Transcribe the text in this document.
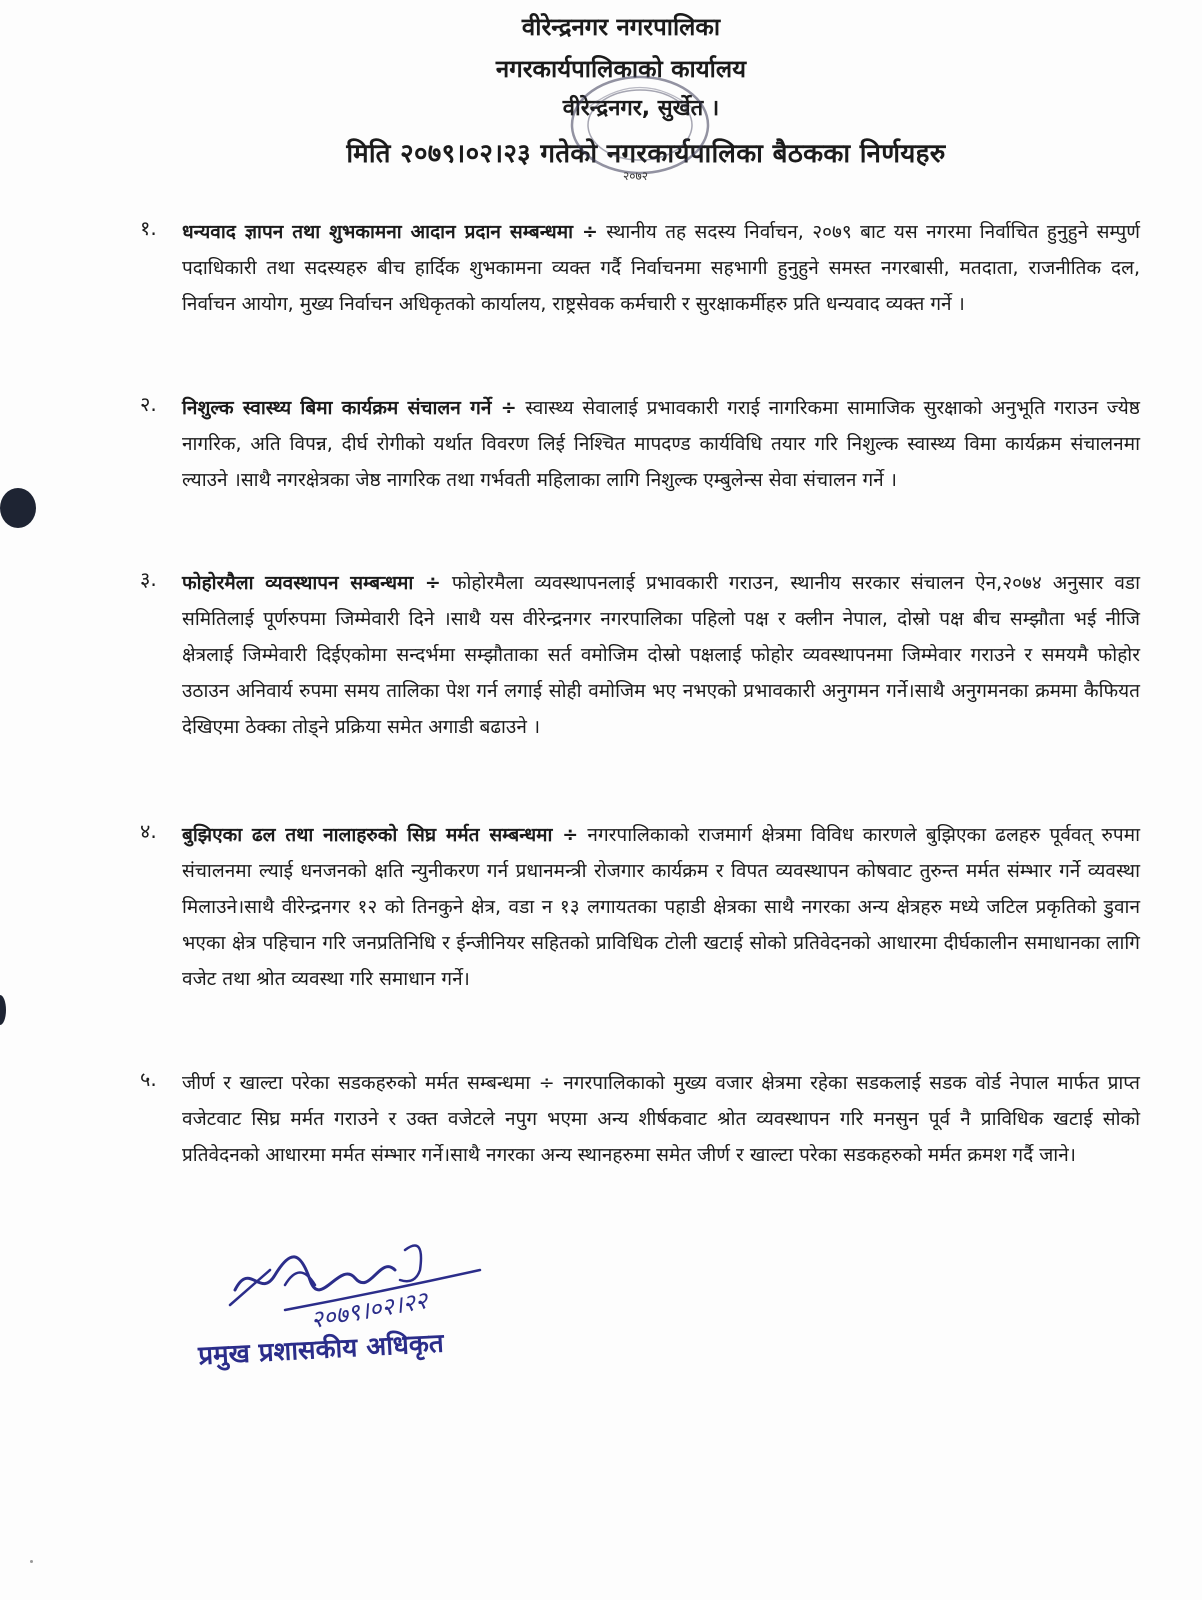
वीरेन्द्रनगर नगरपालिका
नगरकार्यपालिकाको कार्यालय
वीरेन्द्रनगर, सुर्खेत ।
मिति २०७९।०२।२३ गतेको नगरकार्यपालिका बैठकका निर्णयहरु
२०७२
१. धन्यवाद ज्ञापन तथा शुभकामना आदान प्रदान सम्बन्धमा ÷ स्थानीय तह सदस्य निर्वाचन, २०७९ बाट यस नगरमा निर्वाचित हुनुहुने सम्पुर्ण पदाधिकारी तथा सदस्यहरु बीच हार्दिक शुभकामना व्यक्त गर्दै निर्वाचनमा सहभागी हुनुहुने समस्त नगरबासी, मतदाता, राजनीतिक दल, निर्वाचन आयोग, मुख्य निर्वाचन अधिकृतको कार्यालय, राष्ट्रसेवक कर्मचारी र सुरक्षाकर्मीहरु प्रति धन्यवाद व्यक्त गर्ने ।
२. निशुल्क स्वास्थ्य बिमा कार्यक्रम संचालन गर्ने ÷ स्वास्थ्य सेवालाई प्रभावकारी गराई नागरिकमा सामाजिक सुरक्षाको अनुभूति गराउन ज्येष्ठ नागरिक, अति विपन्न, दीर्घ रोगीको यर्थात विवरण लिई निश्चित मापदण्ड कार्यविधि तयार गरि निशुल्क स्वास्थ्य विमा कार्यक्रम संचालनमा ल्याउने ।साथै नगरक्षेत्रका जेष्ठ नागरिक तथा गर्भवती महिलाका लागि निशुल्क एम्बुलेन्स सेवा संचालन गर्ने ।
३. फोहोरमैला व्यवस्थापन सम्बन्धमा ÷ फोहोरमैला व्यवस्थापनलाई प्रभावकारी गराउन, स्थानीय सरकार संचालन ऐन,२०७४ अनुसार वडा समितिलाई पूर्णरुपमा जिम्मेवारी दिने ।साथै यस वीरेन्द्रनगर नगरपालिका पहिलो पक्ष र क्लीन नेपाल, दोस्रो पक्ष बीच सम्झौता भई नीजि क्षेत्रलाई जिम्मेवारी दिईएकोमा सन्दर्भमा सम्झौताका सर्त वमोजिम दोस्रो पक्षलाई फोहोर व्यवस्थापनमा जिम्मेवार गराउने र समयमै फोहोर उठाउन अनिवार्य रुपमा समय तालिका पेश गर्न लगाई सोही वमोजिम भए नभएको प्रभावकारी अनुगमन गर्ने।साथै अनुगमनका क्रममा कैफियत देखिएमा ठेक्का तोड्ने प्रक्रिया समेत अगाडी बढाउने ।
४. बुझिएका ढल तथा नालाहरुको सिघ्र मर्मत सम्बन्धमा ÷ नगरपालिकाको राजमार्ग क्षेत्रमा विविध कारणले बुझिएका ढलहरु पूर्ववत् रुपमा संचालनमा ल्याई धनजनको क्षति न्युनीकरण गर्न प्रधानमन्त्री रोजगार कार्यक्रम र विपत व्यवस्थापन कोषवाट तुरुन्त मर्मत संम्भार गर्ने व्यवस्था मिलाउने।साथै वीरेन्द्रनगर १२ को तिनकुने क्षेत्र, वडा न १३ लगायतका पहाडी क्षेत्रका साथै नगरका अन्य क्षेत्रहरु मध्ये जटिल प्रकृतिको डुवान भएका क्षेत्र पहिचान गरि जनप्रतिनिधि र ईन्जीनियर सहितको प्राविधिक टोली खटाई सोको प्रतिवेदनको आधारमा दीर्घकालीन समाधानका लागि वजेट तथा श्रोत व्यवस्था गरि समाधान गर्ने।
५. जीर्ण र खाल्टा परेका सडकहरुको मर्मत सम्बन्धमा ÷ नगरपालिकाको मुख्य वजार क्षेत्रमा रहेका सडकलाई सडक वोर्ड नेपाल मार्फत प्राप्त वजेटवाट सिघ्र मर्मत गराउने र उक्त वजेटले नपुग भएमा अन्य शीर्षकवाट श्रोत व्यवस्थापन गरि मनसुन पूर्व नै प्राविधिक खटाई सोको प्रतिवेदनको आधारमा मर्मत संम्भार गर्ने।साथै नगरका अन्य स्थानहरुमा समेत जीर्ण र खाल्टा परेका सडकहरुको मर्मत क्रमश गर्दै जाने।
२०७९।०२।२२
प्रमुख प्रशासकीय अधिकृत
